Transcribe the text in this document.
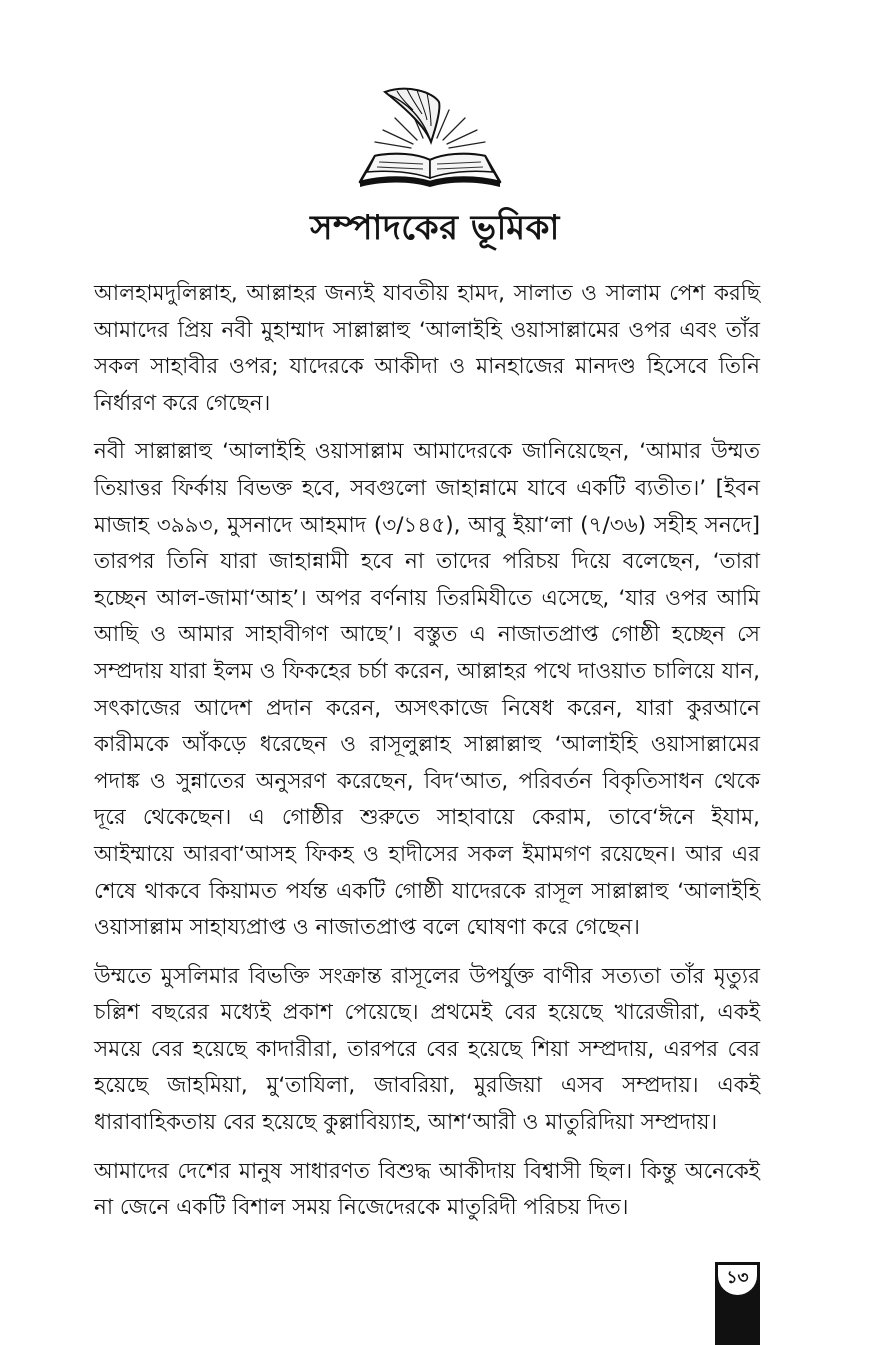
সম্পাদকের ভূমিকা

আলহামদুলিল্লাহ, আল্লাহর জন্যই যাবতীয় হামদ, সালাত ও সালাম পেশ করছি আমাদের প্রিয় নবী মুহাম্মাদ সাল্লাল্লাহু ‘আলাইহি ওয়াসাল্লামের ওপর এবং তাঁর সকল সাহাবীর ওপর; যাদেরকে আকীদা ও মানহাজের মানদণ্ড হিসেবে তিনি নির্ধারণ করে গেছেন।

নবী সাল্লাল্লাহু ‘আলাইহি ওয়াসাল্লাম আমাদেরকে জানিয়েছেন, ‘আমার উম্মত তিয়াত্তর ফির্কায় বিভক্ত হবে, সবগুলো জাহান্নামে যাবে একটি ব্যতীত।’ [ইবন মাজাহ ৩৯৯৩, মুসনাদে আহমাদ (৩/১৪৫), আবু ইয়া‘লা (৭/৩৬) সহীহ সনদে] তারপর তিনি যারা জাহান্নামী হবে না তাদের পরিচয় দিয়ে বলেছেন, ‘তারা হচ্ছেন আল-জামা‘আহ’। অপর বর্ণনায় তিরমিযীতে এসেছে, ‘যার ওপর আমি আছি ও আমার সাহাবীগণ আছে’। বস্তুত এ নাজাতপ্রাপ্ত গোষ্ঠী হচ্ছেন সে সম্প্রদায় যারা ইলম ও ফিকহের চর্চা করেন, আল্লাহর পথে দাওয়াত চালিয়ে যান, সৎকাজের আদেশ প্রদান করেন, অসৎকাজে নিষেধ করেন, যারা কুরআনে কারীমকে আঁকড়ে ধরেছেন ও রাসূলুল্লাহ সাল্লাল্লাহু ‘আলাইহি ওয়াসাল্লামের পদাঙ্ক ও সুন্নাতের অনুসরণ করেছেন, বিদ‘আত, পরিবর্তন বিকৃতিসাধন থেকে দূরে থেকেছেন। এ গোষ্ঠীর শুরুতে সাহাবায়ে কেরাম, তাবে‘ঈনে ইযাম, আইম্মায়ে আরবা‘আসহ ফিকহ ও হাদীসের সকল ইমামগণ রয়েছেন। আর এর শেষে থাকবে কিয়ামত পর্যন্ত একটি গোষ্ঠী যাদেরকে রাসূল সাল্লাল্লাহু ‘আলাইহি ওয়াসাল্লাম সাহায্যপ্রাপ্ত ও নাজাতপ্রাপ্ত বলে ঘোষণা করে গেছেন।

উম্মতে মুসলিমার বিভক্তি সংক্রান্ত রাসূলের উপর্যুক্ত বাণীর সত্যতা তাঁর মৃত্যুর চল্লিশ বছরের মধ্যেই প্রকাশ পেয়েছে। প্রথমেই বের হয়েছে খারেজীরা, একই সময়ে বের হয়েছে কাদারীরা, তারপরে বের হয়েছে শিয়া সম্প্রদায়, এরপর বের হয়েছে জাহমিয়া, মু‘তাযিলা, জাবরিয়া, মুরজিয়া এসব সম্প্রদায়। একই ধারাবাহিকতায় বের হয়েছে কুল্লাবিয়্যাহ, আশ‘আরী ও মাতুরিদিয়া সম্প্রদায়।

আমাদের দেশের মানুষ সাধারণত বিশুদ্ধ আকীদায় বিশ্বাসী ছিল। কিন্তু অনেকেই না জেনে একটি বিশাল সময় নিজেদেরকে মাতুরিদী পরিচয় দিত।

১৩
